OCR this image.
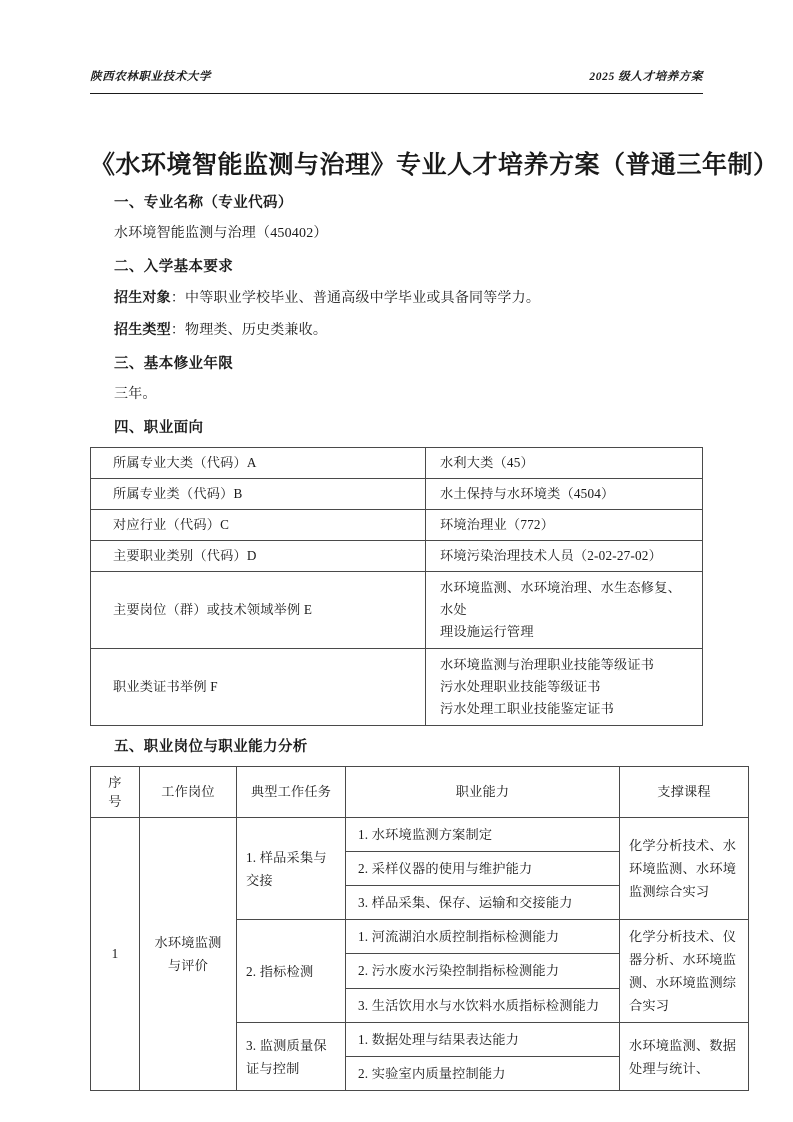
陕西农林职业技术大学	2025 级人才培养方案
《水环境智能监测与治理》专业人才培养方案（普通三年制）
一、专业名称（专业代码）

水环境智能监测与治理（450402）

二、入学基本要求

招生对象：中等职业学校毕业、普通高级中学毕业或具备同等学力。

招生类型：物理类、历史类兼收。

三、基本修业年限

三年。

四、职业面向
所属专业大类（代码）A	水利大类（45）

所属专业类（代码）B	水土保持与水环境类（4504）

对应行业（代码）C	环境治理业（772）

主要职业类别（代码）D	环境污染治理技术人员（2-02-27-02）

主要岗位（群）或技术领域举例 E	水环境监测、水环境治理、水生态修复、水处
理设施运行管理

职业类证书举例 F	水环境监测与治理职业技能等级证书
污水处理职业技能等级证书
污水处理工职业技能鉴定证书
五、职业岗位与职业能力分析
序
号	工作岗位	典型工作任务	职业能力	支撑课程
1	水环境监测与评价	1. 样品采集与交接	1. 水环境监测方案制定	化学分析技术、水环境监测、水环境监测综合实习
			2. 采样仪器的使用与维护能力	
			3. 样品采集、保存、运输和交接能力	
		2. 指标检测	1. 河流湖泊水质控制指标检测能力	化学分析技术、仪器分析、水环境监测、水环境监测综合实习
			2. 污水废水污染控制指标检测能力	
			3. 生活饮用水与水饮料水质指标检测能力	
		3. 监测质量保证与控制	1. 数据处理与结果表达能力	水环境监测、数据处理与统计、
			2. 实验室内质量控制能力	
